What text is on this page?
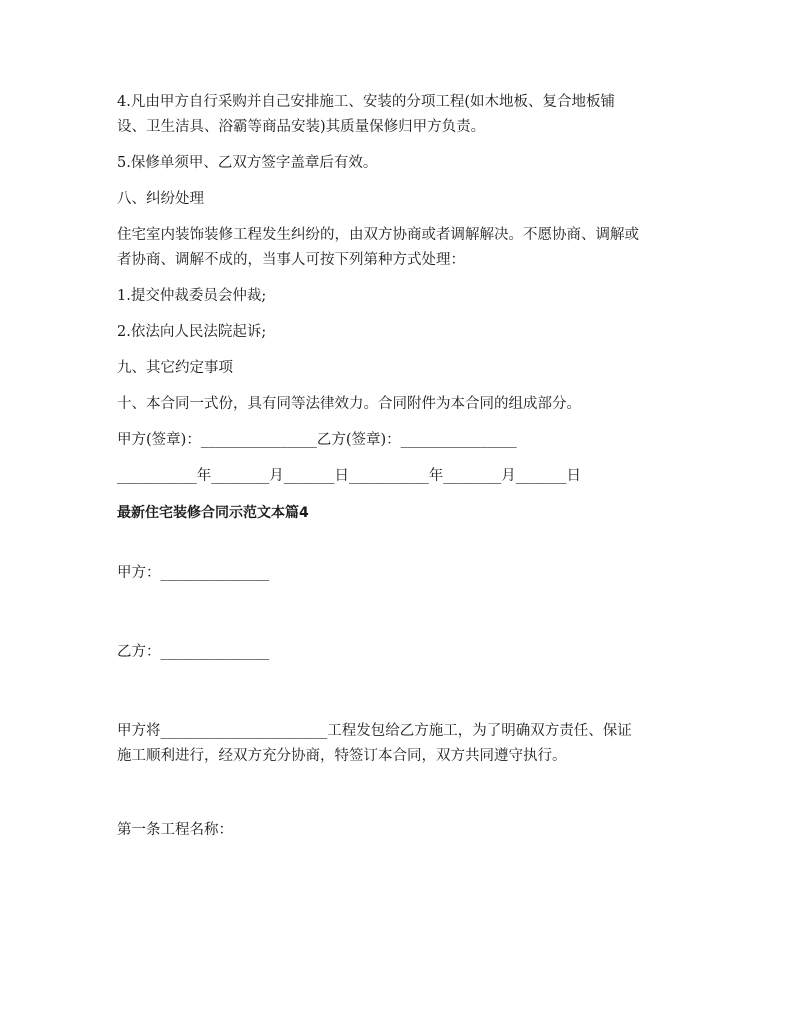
4.凡由甲方自行采购并自己安排施工、安装的分项工程(如木地板、复合地板铺

设、卫生洁具、浴霸等商品安装)其质量保修归甲方负责。

5.保修单须甲、乙双方签字盖章后有效。

八、纠纷处理

住宅室内装饰装修工程发生纠纷的，由双方协商或者调解解决。不愿协商、调解或

者协商、调解不成的，当事人可按下列第种方式处理：

1.提交仲裁委员会仲裁;

2.依法向人民法院起诉;

九、其它约定事项

十、本合同一式份，具有同等法律效力。合同附件为本合同的组成部分。

甲方(签章)：________________乙方(签章)：________________

___________年________月_______日___________年________月_______日

最新住宅装修合同示范文本篇4

甲方：_______________

乙方：_______________

甲方将_______________________工程发包给乙方施工，为了明确双方责任、保证

施工顺利进行，经双方充分协商，特签订本合同，双方共同遵守执行。

第一条工程名称：
